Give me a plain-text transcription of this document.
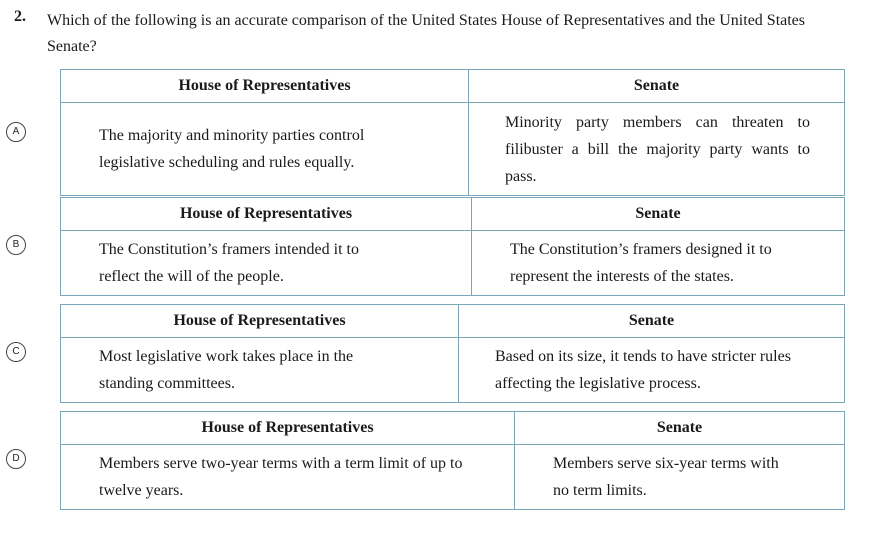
2. Which of the following is an accurate comparison of the United States House of Representatives and the United States Senate?
A
House of Representatives	Senate
The majority and minority parties control legislative scheduling and rules equally.	Minority party members can threaten to filibuster a bill the majority party wants to pass.
B
House of Representatives	Senate
The Constitution’s framers intended it to reflect the will of the people.	The Constitution’s framers designed it to represent the interests of the states.
C
House of Representatives	Senate
Most legislative work takes place in the standing committees.	Based on its size, it tends to have stricter rules affecting the legislative process.
D
House of Representatives	Senate
Members serve two-year terms with a term limit of up to twelve years.	Members serve six-year terms with no term limits.
